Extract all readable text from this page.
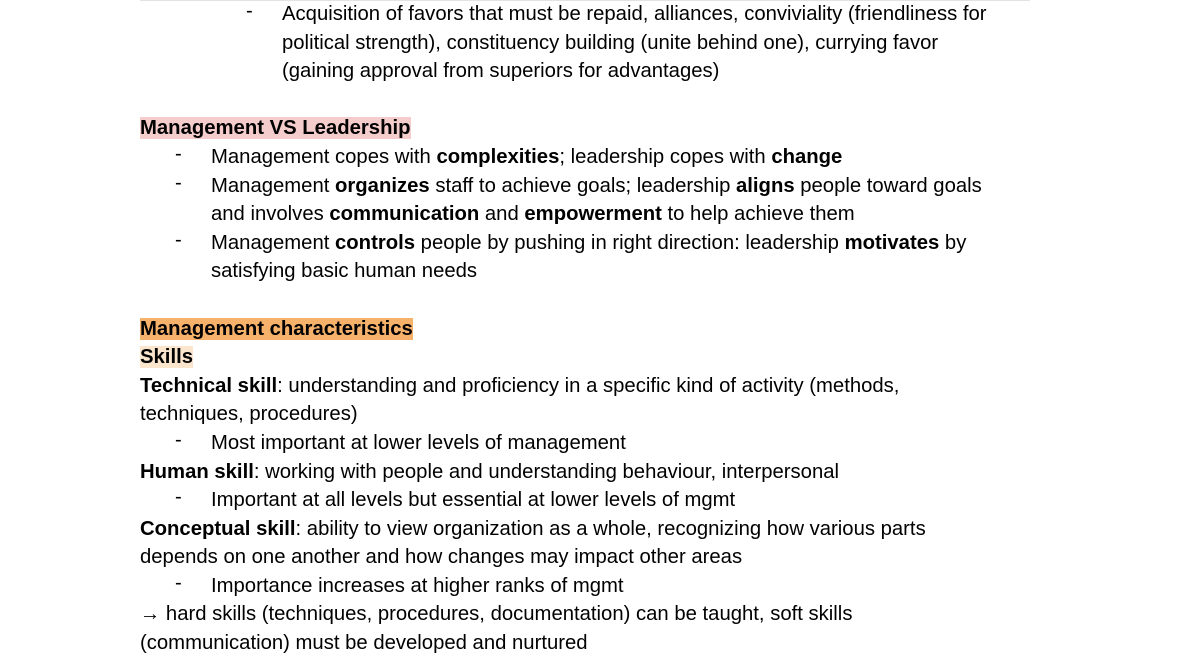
- Acquisition of favors that must be repaid, alliances, conviviality (friendliness for

political strength), constituency building (unite behind one), currying favor

(gaining approval from superiors for advantages)

Management VS Leadership
- Management copes with complexities; leadership copes with change

- Management organizes staff to achieve goals; leadership aligns people toward goals

and involves communication and empowerment to help achieve them

- Management controls people by pushing in right direction: leadership motivates by

satisfying basic human needs

Management characteristics
Skills
Technical skill: understanding and proficiency in a specific kind of activity (methods,
techniques, procedures)
- Most important at lower levels of management

Human skill: working with people and understanding behaviour, interpersonal
- Important at all levels but essential at lower levels of mgmt

Conceptual skill: ability to view organization as a whole, recognizing how various parts
depends on one another and how changes may impact other areas
- Importance increases at higher ranks of mgmt

→ hard skills (techniques, procedures, documentation) can be taught, soft skills
(communication) must be developed and nurtured
